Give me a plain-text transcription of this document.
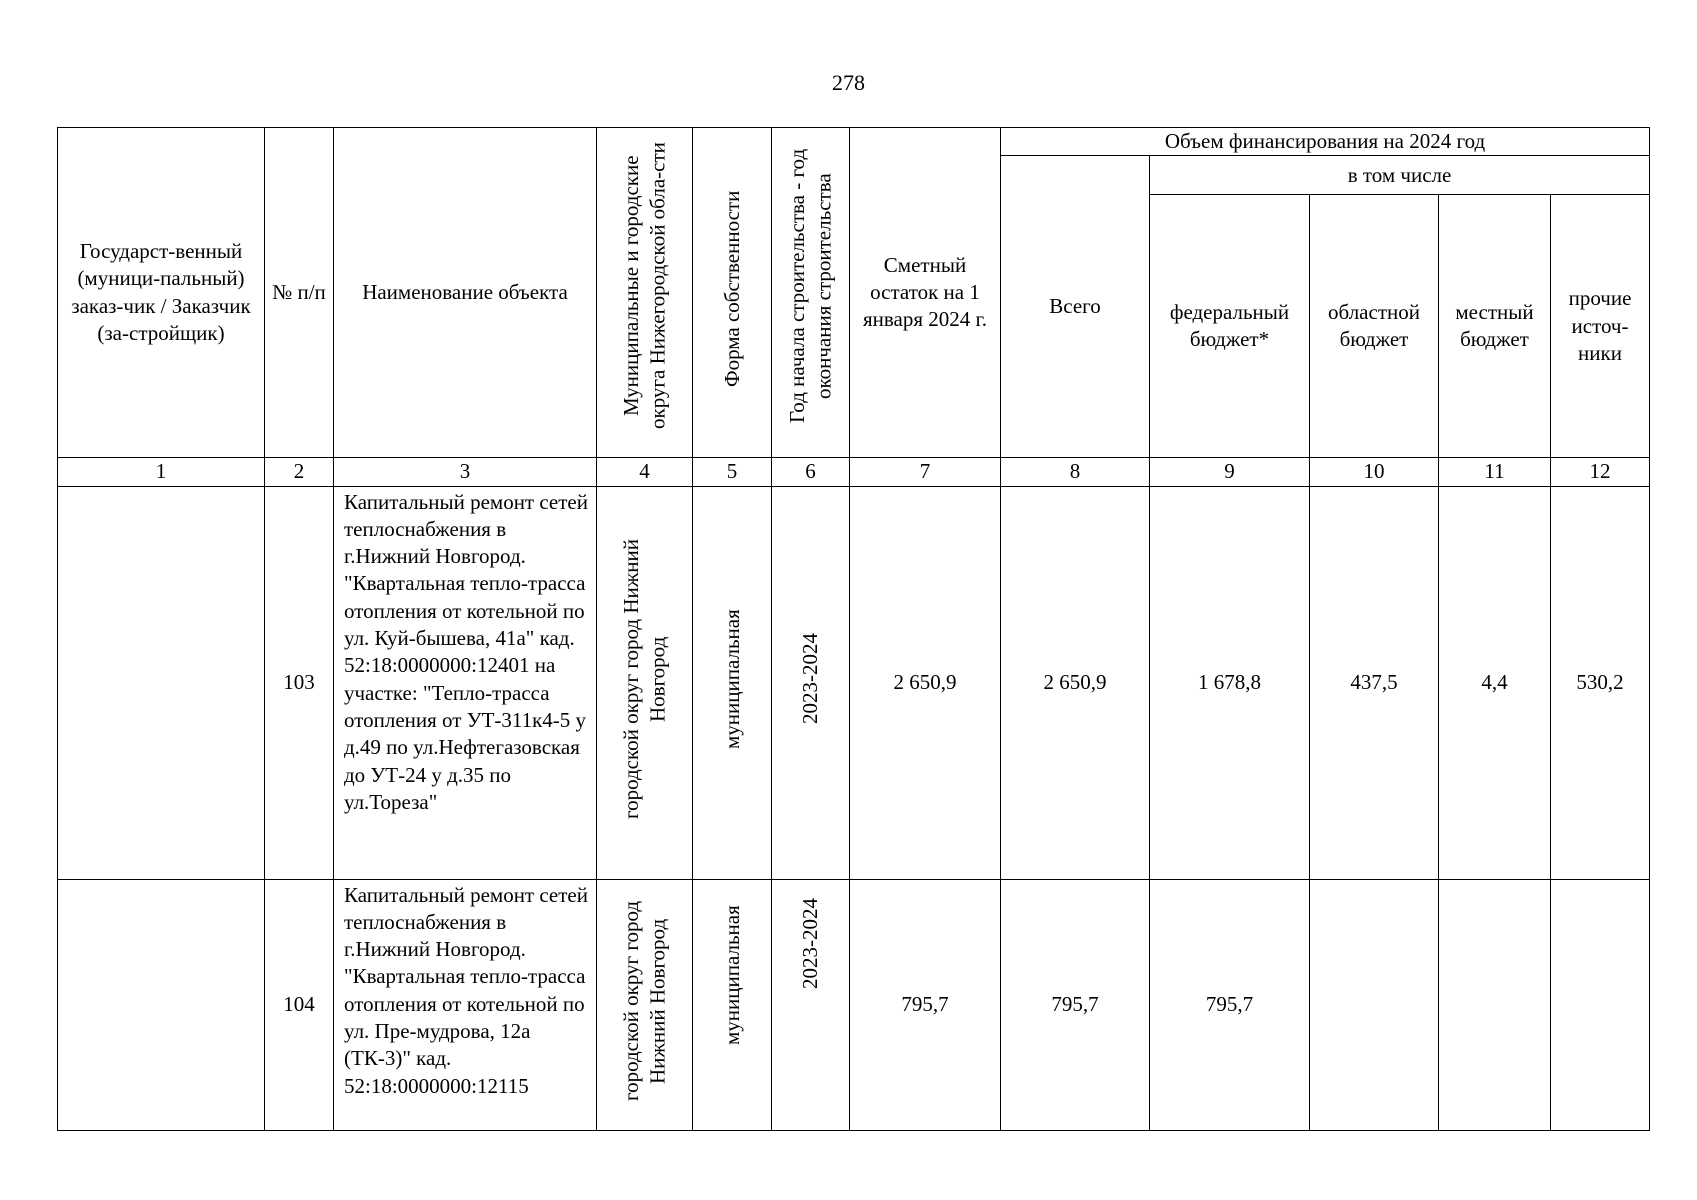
278
Государст-венный (муници-пальный) заказ-чик / Заказчик (за-стройщик)	№ п/п	Наименование объекта	Муниципальные и городские округа Нижегородской обла-сти	Форма собственности	Год начала строительства - год окончания строительства	Сметный остаток на 1 января 2024 г.	Объем финансирования на 2024 год				
							Всего	в том числе			
								федеральный бюджет*	областной бюджет	местный бюджет	прочие источ-ники
1	2	3	4	5	6	7	8	9	10	11	12
	103	Капитальный ремонт сетей теплоснабжения в г.Нижний Новгород. "Квартальная тепло-трасса отопления от котельной по ул. Куй-бышева, 41а" кад. 52:18:0000000:12401 на участке: "Тепло-трасса отопления от УТ-311к4-5 у д.49 по ул.Нефтегазовская до УТ-24 у д.35 по ул.Тореза"	городской округ город Нижний Новгород	муниципальная	2023-2024	2 650,9	2 650,9	1 678,8	437,5	4,4	530,2
	104	Капитальный ремонт сетей теплоснабжения в г.Нижний Новгород. "Квартальная тепло-трасса отопления от котельной по ул. Пре-мудрова, 12а (ТК-3)" кад. 52:18:0000000:12115	городской округ город Нижний Новгород	муниципальная	2023-2024	795,7	795,7	795,7			
